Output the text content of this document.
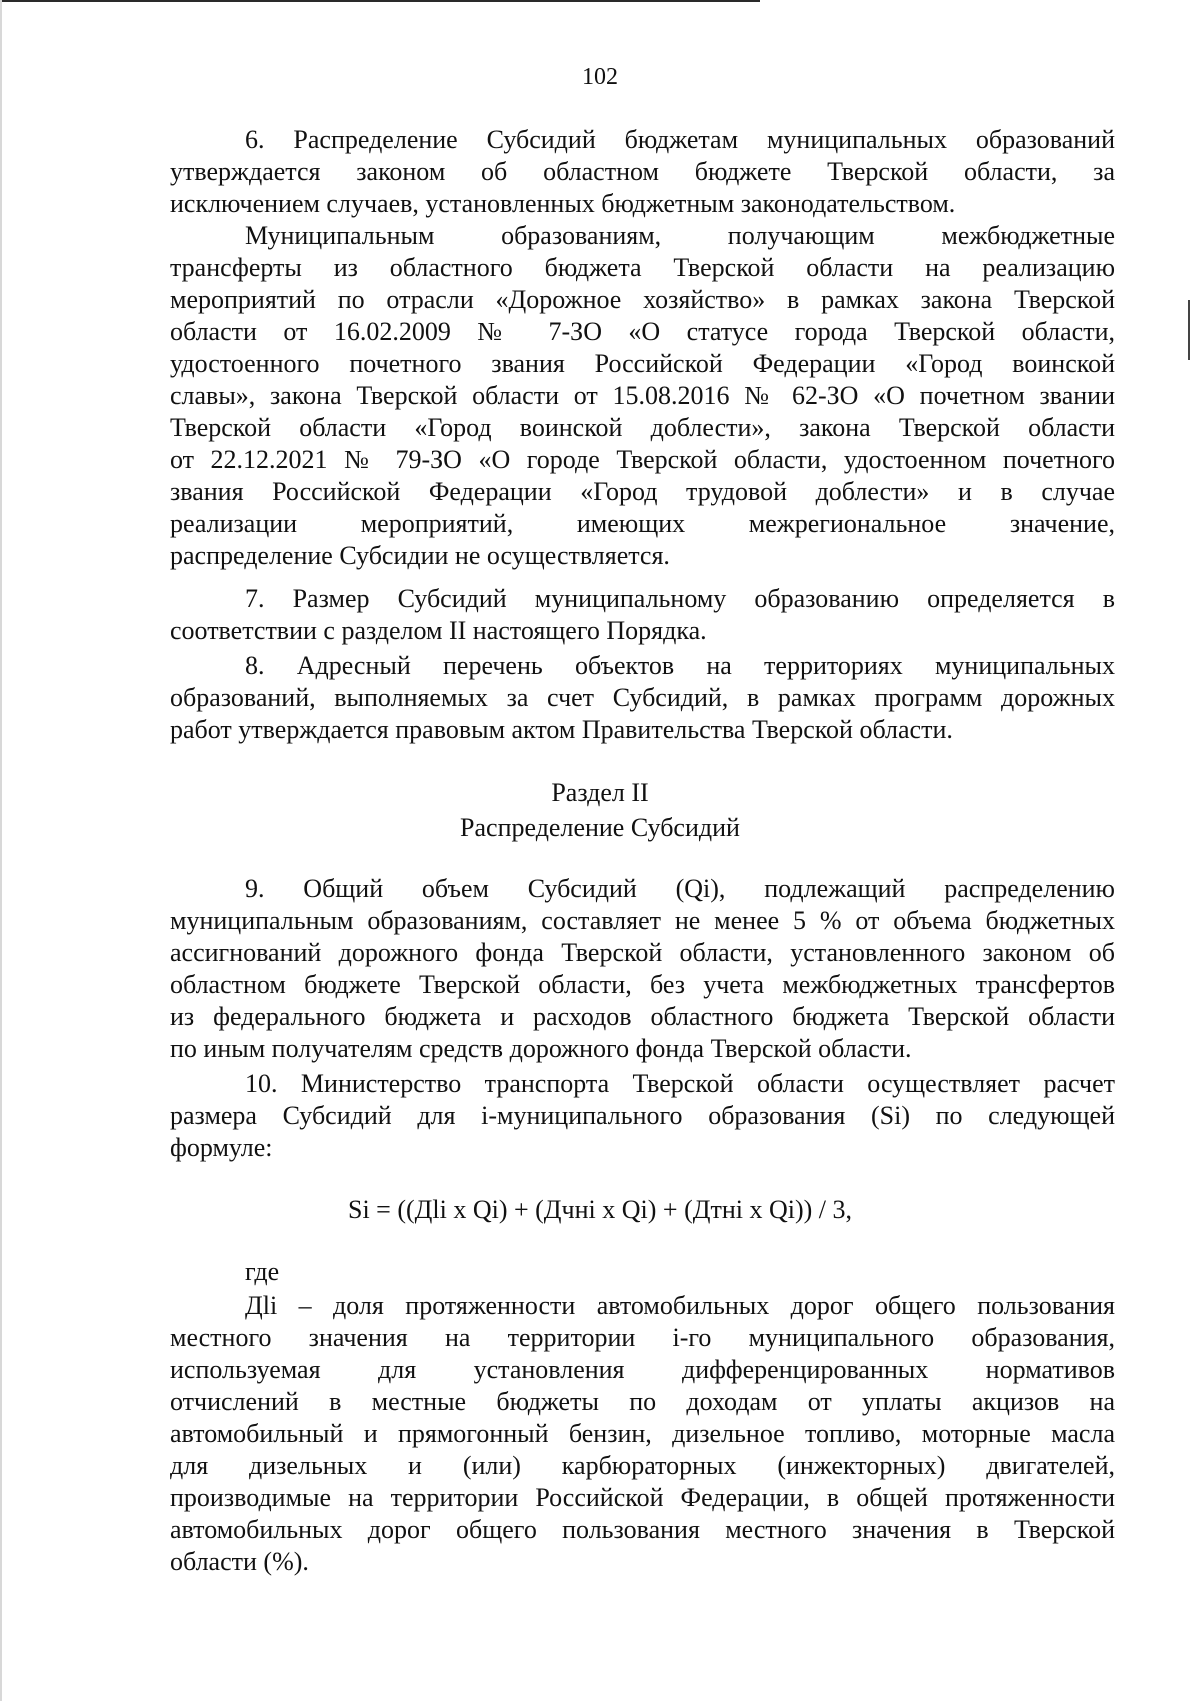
102
6. Распределение Субсидий бюджетам муниципальных образований
утверждается законом об областном бюджете Тверской области, за
исключением случаев, установленных бюджетным законодательством.
Муниципальным образованиям, получающим межбюджетные
трансферты из областного бюджета Тверской области на реализацию
мероприятий по отрасли «Дорожное хозяйство» в рамках закона Тверской
области от 16.02.2009 № 7-ЗО «О статусе города Тверской области,
удостоенного почетного звания Российской Федерации «Город воинской
славы», закона Тверской области от 15.08.2016 № 62-ЗО «О почетном звании
Тверской области «Город воинской доблести», закона Тверской области
от 22.12.2021 № 79-ЗО «О городе Тверской области, удостоенном почетного
звания Российской Федерации «Город трудовой доблести» и в случае
реализации мероприятий, имеющих межрегиональное значение,
распределение Субсидии не осуществляется.
7. Размер Субсидий муниципальному образованию определяется в
соответствии с разделом II настоящего Порядка.
8. Адресный перечень объектов на территориях муниципальных
образований, выполняемых за счет Субсидий, в рамках программ дорожных
работ утверждается правовым актом Правительства Тверской области.
Раздел II
Распределение Субсидий
9. Общий объем Субсидий (Qi), подлежащий распределению
муниципальным образованиям, составляет не менее 5 % от объема бюджетных
ассигнований дорожного фонда Тверской области, установленного законом об
областном бюджете Тверской области, без учета межбюджетных трансфертов
из федерального бюджета и расходов областного бюджета Тверской области
по иным получателям средств дорожного фонда Тверской области.
10. Министерство транспорта Тверской области осуществляет расчет
размера Субсидий для i-муниципального образования (Si) по следующей
формуле:
Si = ((Дli x Qi) + (Дчнi x Qi) + (Дтнi x Qi)) / 3,
где
Дli – доля протяженности автомобильных дорог общего пользования
местного значения на территории i-го муниципального образования,
используемая для установления дифференцированных нормативов
отчислений в местные бюджеты по доходам от уплаты акцизов на
автомобильный и прямогонный бензин, дизельное топливо, моторные масла
для дизельных и (или) карбюраторных (инжекторных) двигателей,
производимые на территории Российской Федерации, в общей протяженности
автомобильных дорог общего пользования местного значения в Тверской
области (%).
